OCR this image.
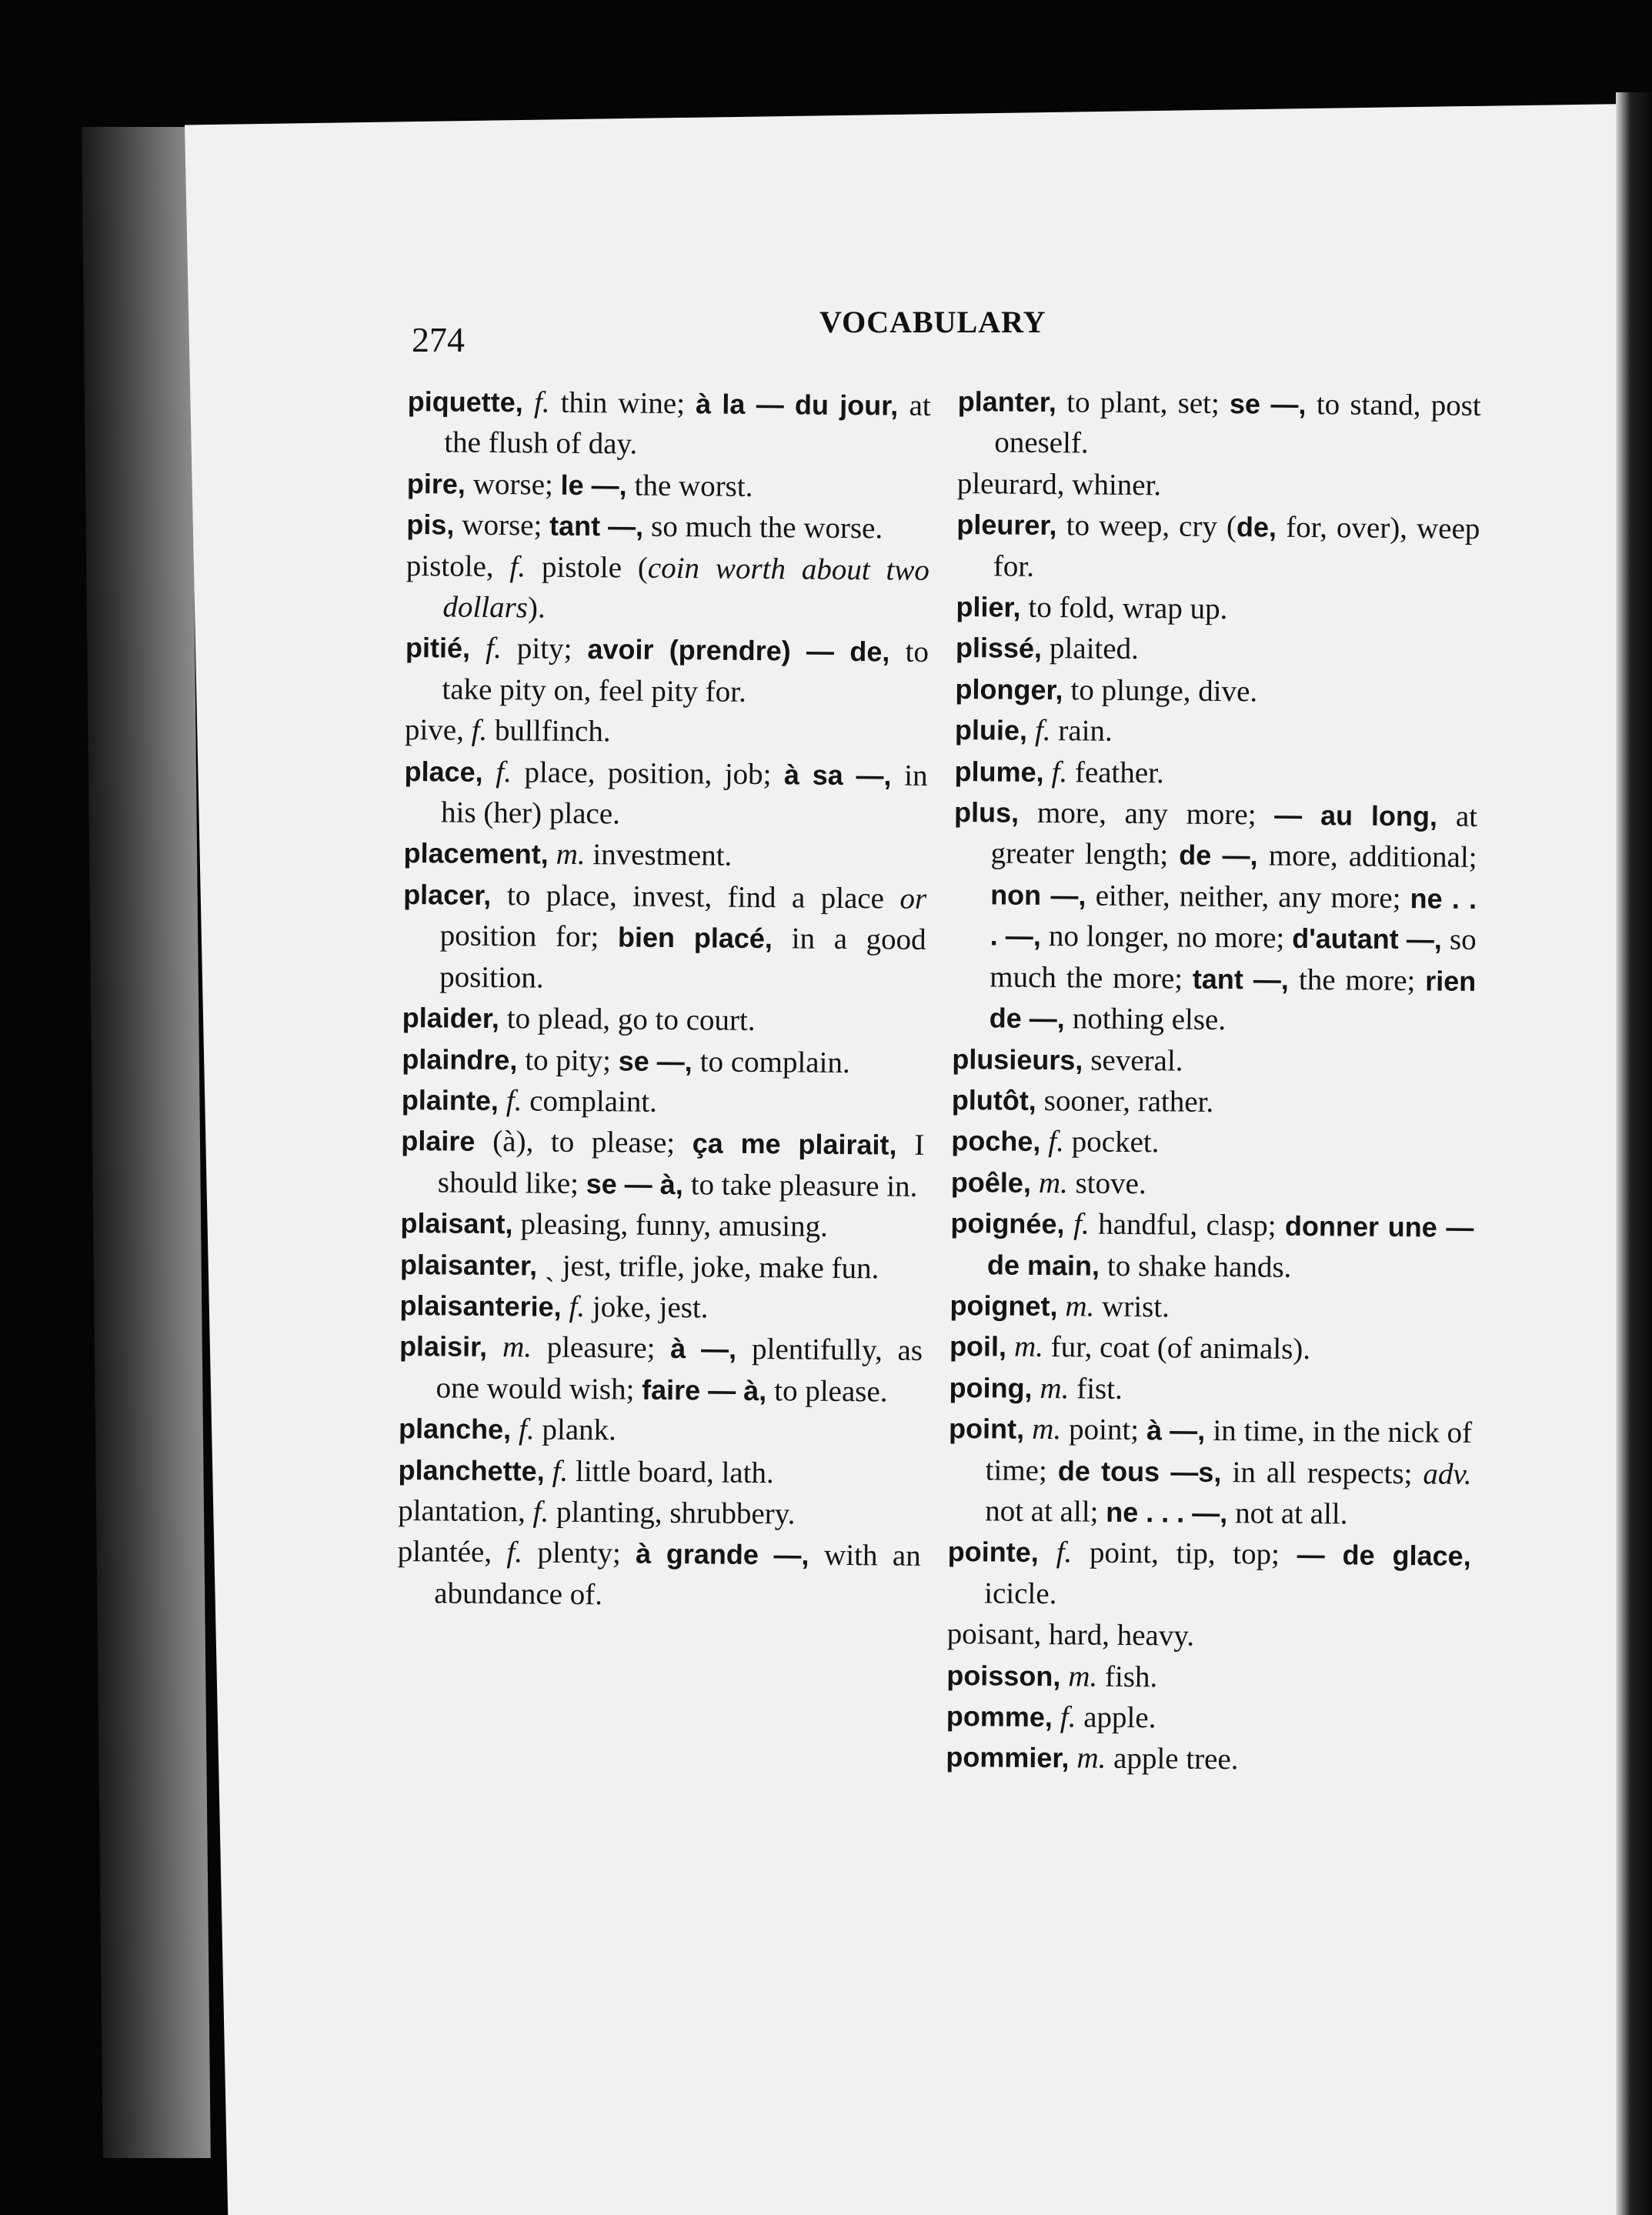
274	VOCABULARY

piquette, f. thin wine; à la — du jour, at the flush of day.

pire, worse; le —, the worst.

pis, worse; tant —, so much the worse.

pistole, f. pistole (coin worth about two dollars).

pitié, f. pity; avoir (prendre) — de, to take pity on, feel pity for.

pive, f. bullfinch.

place, f. place, position, job; à sa —, in his (her) place.

placement, m. investment.

placer, to place, invest, find a place or position for; bien placé, in a good position.

plaider, to plead, go to court.

plaindre, to pity; se —, to complain.

plainte, f. complaint.

plaire (à), to please; ça me plairait, I should like; se — à, to take pleasure in.

plaisant, pleasing, funny, amusing.

plaisanter, ˎ jest, trifle, joke, make fun.

plaisanterie, f. joke, jest.

plaisir, m. pleasure; à —, plentifully, as one would wish; faire — à, to please.

planche, f. plank.

planchette, f. little board, lath.

plantation, f. planting, shrubbery.

plantée, f. plenty; à grande —, with an abundance of.

planter, to plant, set; se —, to stand, post oneself.

pleurard, whiner.

pleurer, to weep, cry (de, for, over), weep for.

plier, to fold, wrap up.

plissé, plaited.

plonger, to plunge, dive.

pluie, f. rain.

plume, f. feather.

plus, more, any more; — au long, at greater length; de —, more, additional; non —, either, neither, any more; ne . . . —, no longer, no more; d'autant —, so much the more; tant —, the more; rien de —, nothing else.

plusieurs, several.

plutôt, sooner, rather.

poche, f. pocket.

poêle, m. stove.

poignée, f. handful, clasp; donner une — de main, to shake hands.

poignet, m. wrist.

poil, m. fur, coat (of animals).

poing, m. fist.

point, m. point; à —, in time, in the nick of time; de tous —s, in all respects; adv. not at all; ne . . . —, not at all.

pointe, f. point, tip, top; — de glace, icicle.

poisant, hard, heavy.

poisson, m. fish.

pomme, f. apple.

pommier, m. apple tree.
